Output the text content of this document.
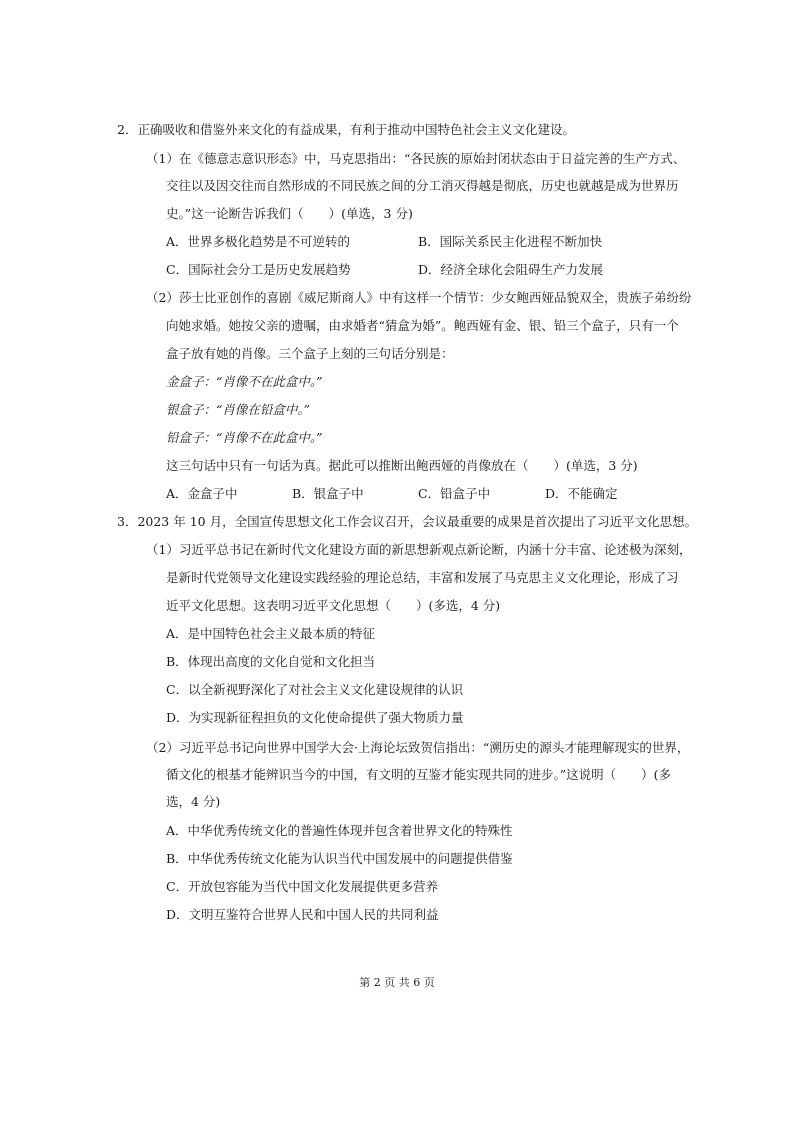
2．正确吸收和借鉴外来文化的有益成果，有利于推动中国特色社会主义文化建设。
（1）在《德意志意识形态》中，马克思指出：“各民族的原始封闭状态由于日益完善的生产方式、
交往以及因交往而自然形成的不同民族之间的分工消灭得越是彻底，历史也就越是成为世界历
史。”这一论断告诉我们（　　）(单选，3 分)
A．世界多极化趋势是不可逆转的	B．国际关系民主化进程不断加快
C．国际社会分工是历史发展趋势	D．经济全球化会阻碍生产力发展
（2）莎士比亚创作的喜剧《威尼斯商人》中有这样一个情节：少女鲍西娅品貌双全，贵族子弟纷纷
向她求婚。她按父亲的遗嘱，由求婚者“猜盒为婚”。鲍西娅有金、银、铅三个盒子，只有一个
盒子放有她的肖像。三个盒子上刻的三句话分别是：
金盒子：“肖像不在此盒中。”
银盒子：“肖像在铅盒中。”
铅盒子：“肖像不在此盒中。”
这三句话中只有一句话为真。据此可以推断出鲍西娅的肖像放在（　　）(单选，3 分)
A．金盒子中	B．银盒子中	C．铅盒子中	D．不能确定
3．2023 年 10 月，全国宣传思想文化工作会议召开，会议最重要的成果是首次提出了习近平文化思想。
（1）习近平总书记在新时代文化建设方面的新思想新观点新论断，内涵十分丰富、论述极为深刻，
是新时代党领导文化建设实践经验的理论总结，丰富和发展了马克思主义文化理论，形成了习
近平文化思想。这表明习近平文化思想（　　）(多选，4 分)
A．是中国特色社会主义最本质的特征
B．体现出高度的文化自觉和文化担当
C．以全新视野深化了对社会主义文化建设规律的认识
D．为实现新征程担负的文化使命提供了强大物质力量
（2）习近平总书记向世界中国学大会·上海论坛致贺信指出：“溯历史的源头才能理解现实的世界，
循文化的根基才能辨识当今的中国，有文明的互鉴才能实现共同的进步。”这说明（　　）(多
选，4 分)
A．中华优秀传统文化的普遍性体现并包含着世界文化的特殊性
B．中华优秀传统文化能为认识当代中国发展中的问题提供借鉴
C．开放包容能为当代中国文化发展提供更多营养
D．文明互鉴符合世界人民和中国人民的共同利益
第 2 页 共 6 页
